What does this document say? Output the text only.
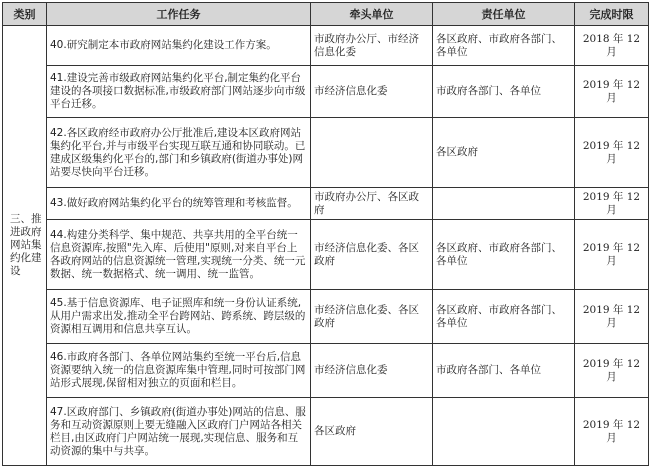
类别	工作任务	牵头单位	责任单位	完成时限

三、推进政府网站集约化建设	40.研究制定本市政府网站集约化建设工作方案。	市政府办公厅、市经济信息化委	各区政府、市政府各部门、各单位	2018 年 12 月
	41.建设完善市级政府网站集约化平台,制定集约化平台建设的各项接口数据标准,市级政府部门网站逐步向市级平台迁移。	市经济信息化委	市政府各部门、各单位	2019 年 12 月
	42.各区政府经市政府办公厅批准后,建设本区政府网站集约化平台,并与市级平台实现互联互通和协同联动。已建成区级集约化平台的,部门和乡镇政府(街道办事处)网站要尽快向平台迁移。		各区政府	2019 年 12 月
	43.做好政府网站集约化平台的统筹管理和考核监督。	市政府办公厅、各区政府		2019 年 12 月
	44.构建分类科学、集中规范、共享共用的全平台统一信息资源库,按照"先入库、后使用"原则,对来自平台上各政府网站的信息资源统一管理,实现统一分类、统一元数据、统一数据格式、统一调用、统一监管。	市经济信息化委、各区政府	各区政府、市政府各部门、各单位	2019 年 12 月
	45.基于信息资源库、电子证照库和统一身份认证系统,从用户需求出发,推动全平台跨网站、跨系统、跨层级的资源相互调用和信息共享互认。	市经济信息化委、各区政府	各区政府、市政府各部门、各单位	2019 年 12 月
	46.市政府各部门、各单位网站集约至统一平台后,信息资源要纳入统一的信息资源库集中管理,同时可按部门网站形式展现,保留相对独立的页面和栏目。	市经济信息化委	市政府各部门、各单位	2019 年 12 月
	47.区政府部门、乡镇政府(街道办事处)网站的信息、服务和互动资源原则上要无缝融入区政府门户网站各相关栏目,由区政府门户网站统一展现,实现信息、服务和互动资源的集中与共享。	各区政府		2019 年 12 月
